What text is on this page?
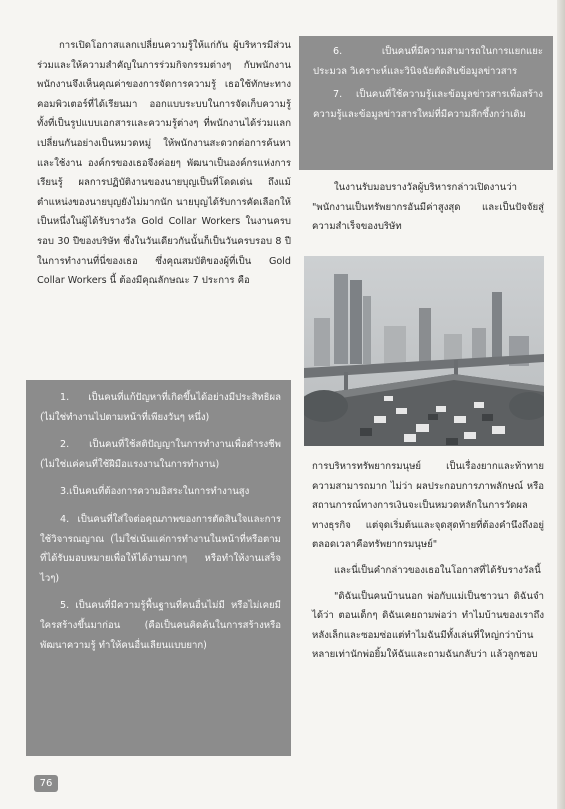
การเปิดโอกาสแลกเปลี่ยนความรู้ให้แก่กัน ผู้บริหารมีส่วนร่วมและให้ความสำคัญในการร่วมกิจกรรมต่างๆ กับพนักงาน พนักงานจึงเห็นคุณค่าของการจัดการความรู้ เธอใช้ทักษะทางคอมพิวเตอร์ที่ได้เรียนมา ออกแบบระบบในการจัดเก็บความรู้ทั้งที่เป็นรูปแบบเอกสารและความรู้ต่างๆ ที่พนักงานได้ร่วมแลกเปลี่ยนกันอย่างเป็นหมวดหมู่ ให้พนักงานสะดวกต่อการค้นหาและใช้งาน องค์กรของเธอจึงค่อยๆ พัฒนาเป็นองค์กรแห่งการเรียนรู้ ผลการปฏิบัติงานของนายบุญเป็นที่โดดเด่น ถึงแม้ตำแหน่งของนายบุญยังไม่มากนัก นายบุญได้รับการคัดเลือกให้เป็นหนึ่งในผู้ได้รับรางวัล Gold Collar Workers ในงานครบรอบ 30 ปีของบริษัท ซึ่งในวันเดียวกันนั้นก็เป็นวันครบรอบ 8 ปีในการทำงานที่นี่ของเธอ ซึ่งคุณสมบัติของผู้ที่เป็น Gold Collar Workers นี้ ต้องมีคุณลักษณะ 7 ประการ คือ

1. เป็นคนที่แก้ปัญหาที่เกิดขึ้นได้อย่างมีประสิทธิผล (ไม่ใช่ทำงานไปตามหน้าที่เพียงวันๆ หนึ่ง)

2. เป็นคนที่ใช้สติปัญญาในการทำงานเพื่อดำรงชีพ (ไม่ใช่แค่คนที่ใช้ฝีมือแรงงานในการทำงาน)

3.เป็นคนที่ต้องการความอิสระในการทำงานสูง

4. เป็นคนที่ใส่ใจต่อคุณภาพของการตัดสินใจและการใช้วิจารณญาณ (ไม่ใช่เน้นแค่การทำงานในหน้าที่หรือตามที่ได้รับมอบหมายเพื่อให้ได้งานมากๆ หรือทำให้งานเสร็จไวๆ)

5. เป็นคนที่มีความรู้พื้นฐานที่คนอื่นไม่มี หรือไม่เคยมีใครสร้างขึ้นมาก่อน (คือเป็นคนคิดค้นในการสร้างหรือพัฒนาความรู้ ทำให้คนอื่นเลียนแบบยาก)

6. เป็นคนที่มีความสามารถในการแยกแยะ ประมวล วิเคราะห์และวินิจฉัยตัดสินข้อมูลข่าวสาร

7. เป็นคนที่ใช้ความรู้และข้อมูลข่าวสารเพื่อสร้างความรู้และข้อมูลข่าวสารใหม่ที่มีความลึกซึ้งกว่าเดิม

ในงานรับมอบรางวัลผู้บริหารกล่าวเปิดงานว่า "พนักงานเป็นทรัพยากรอันมีค่าสูงสุด และเป็นปัจจัยสู่ความสำเร็จของบริษัท

การบริหารทรัพยากรมนุษย์ เป็นเรื่องยากและท้าทายความสามารถมาก ไม่ว่า ผลประกอบการภาพลักษณ์ หรือสถานการณ์ทางการเงินจะเป็นหมวดหลักในการวัดผลทางธุรกิจ แต่จุดเริ่มต้นและจุดสุดท้ายที่ต้องคำนึงถึงอยู่ตลอดเวลาคือทรัพยากรมนุษย์"

และนี่เป็นคำกล่าวของเธอในโอกาสที่ได้รับรางวัลนี้

"ดิฉันเป็นคนบ้านนอก พ่อกับแม่เป็นชาวนา ดิฉันจำได้ว่า ตอนเด็กๆ ดิฉันเคยถามพ่อว่า ทำไมบ้านของเราถึงหลังเล็กและซอมซ่อแต่ทำไมฉันมีทั้งเล่นที่ใหญ่กว่าบ้านหลายเท่านักพ่อยิ้มให้ฉันและถามฉันกลับว่า แล้วลูกชอบ

76
